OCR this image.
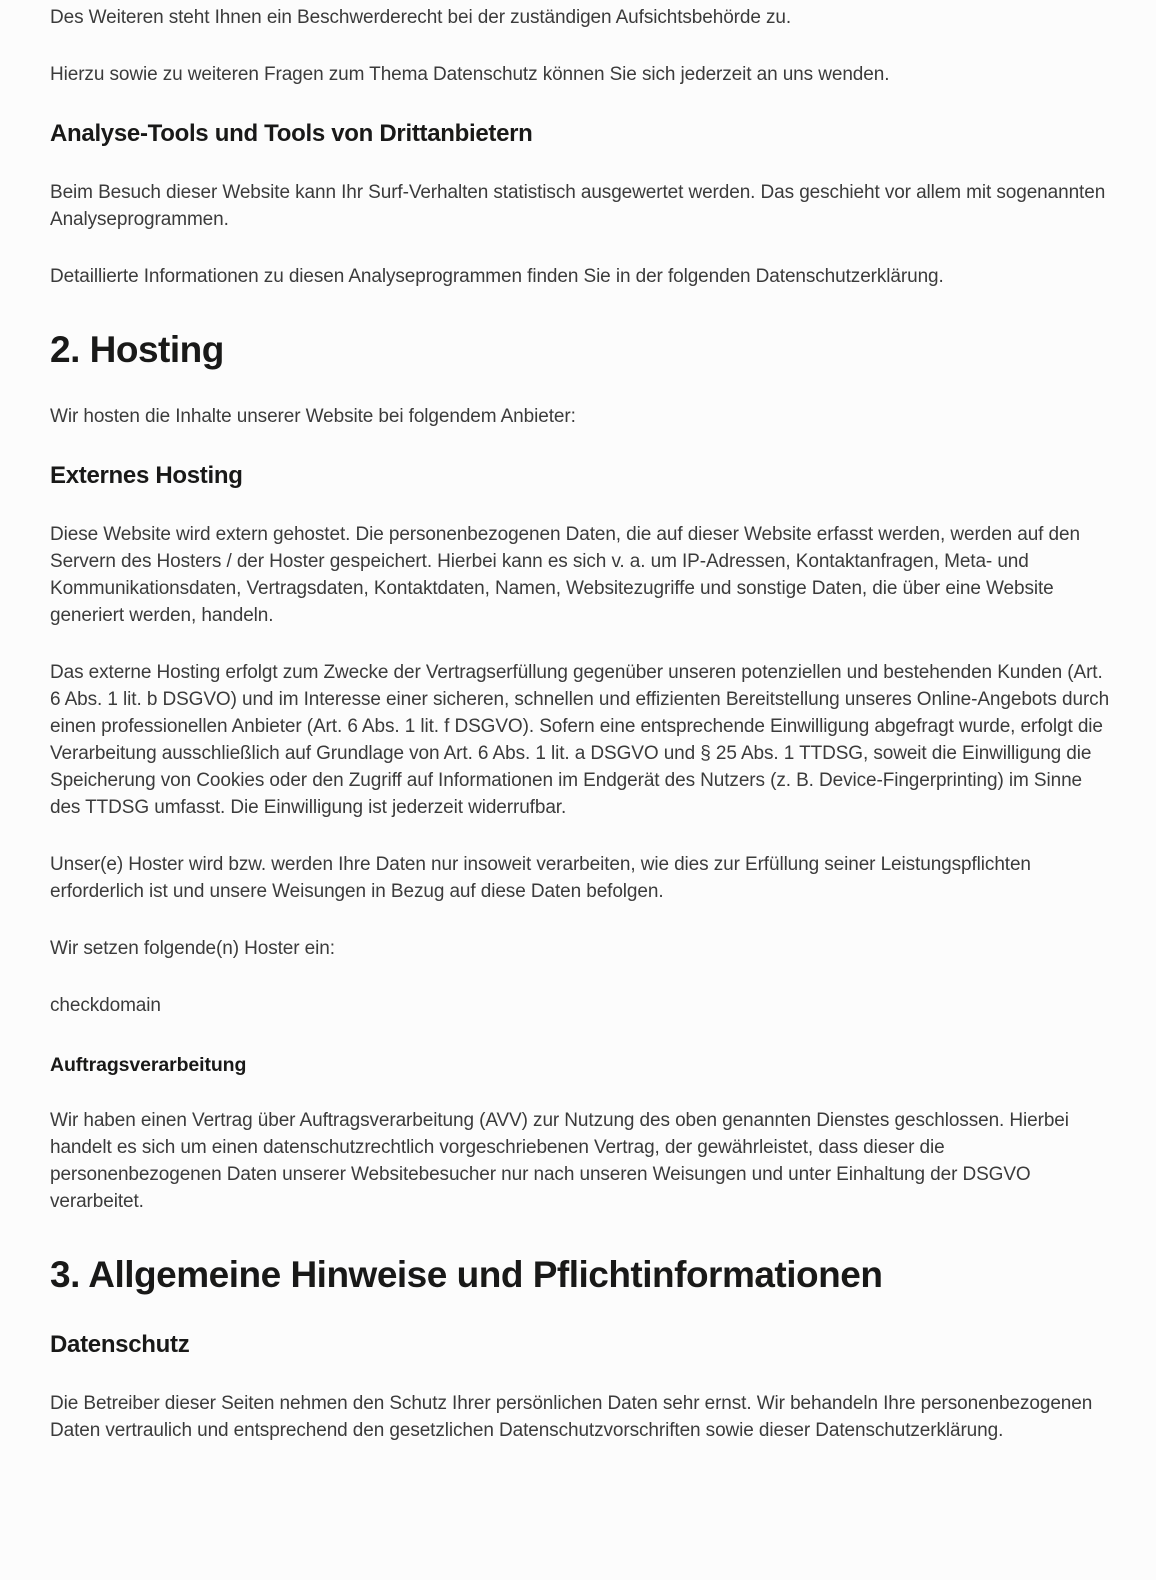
Des Weiteren steht Ihnen ein Beschwerderecht bei der zuständigen Aufsichtsbehörde zu.

Hierzu sowie zu weiteren Fragen zum Thema Datenschutz können Sie sich jederzeit an uns wenden.

Analyse-Tools und Tools von Drittanbietern

Beim Besuch dieser Website kann Ihr Surf-Verhalten statistisch ausgewertet werden. Das geschieht vor allem mit sogenannten Analyseprogrammen.

Detaillierte Informationen zu diesen Analyseprogrammen finden Sie in der folgenden Datenschutzerklärung.

2. Hosting

Wir hosten die Inhalte unserer Website bei folgendem Anbieter:

Externes Hosting

Diese Website wird extern gehostet. Die personenbezogenen Daten, die auf dieser Website erfasst werden, werden auf den Servern des Hosters / der Hoster gespeichert. Hierbei kann es sich v. a. um IP-Adressen, Kontaktanfragen, Meta- und Kommunikationsdaten, Vertragsdaten, Kontaktdaten, Namen, Websitezugriffe und sonstige Daten, die über eine Website generiert werden, handeln.

Das externe Hosting erfolgt zum Zwecke der Vertragserfüllung gegenüber unseren potenziellen und bestehenden Kunden (Art. 6 Abs. 1 lit. b DSGVO) und im Interesse einer sicheren, schnellen und effizienten Bereitstellung unseres Online-Angebots durch einen professionellen Anbieter (Art. 6 Abs. 1 lit. f DSGVO). Sofern eine entsprechende Einwilligung abgefragt wurde, erfolgt die Verarbeitung ausschließlich auf Grundlage von Art. 6 Abs. 1 lit. a DSGVO und § 25 Abs. 1 TTDSG, soweit die Einwilligung die Speicherung von Cookies oder den Zugriff auf Informationen im Endgerät des Nutzers (z. B. Device-Fingerprinting) im Sinne des TTDSG umfasst. Die Einwilligung ist jederzeit widerrufbar.

Unser(e) Hoster wird bzw. werden Ihre Daten nur insoweit verarbeiten, wie dies zur Erfüllung seiner Leistungspflichten erforderlich ist und unsere Weisungen in Bezug auf diese Daten befolgen.

Wir setzen folgende(n) Hoster ein:

checkdomain

Auftragsverarbeitung

Wir haben einen Vertrag über Auftragsverarbeitung (AVV) zur Nutzung des oben genannten Dienstes geschlossen. Hierbei handelt es sich um einen datenschutzrechtlich vorgeschriebenen Vertrag, der gewährleistet, dass dieser die personenbezogenen Daten unserer Websitebesucher nur nach unseren Weisungen und unter Einhaltung der DSGVO verarbeitet.

3. Allgemeine Hinweise und Pflichtinformationen
Datenschutz

Die Betreiber dieser Seiten nehmen den Schutz Ihrer persönlichen Daten sehr ernst. Wir behandeln Ihre personenbezogenen Daten vertraulich und entsprechend den gesetzlichen Datenschutzvorschriften sowie dieser Datenschutzerklärung.
